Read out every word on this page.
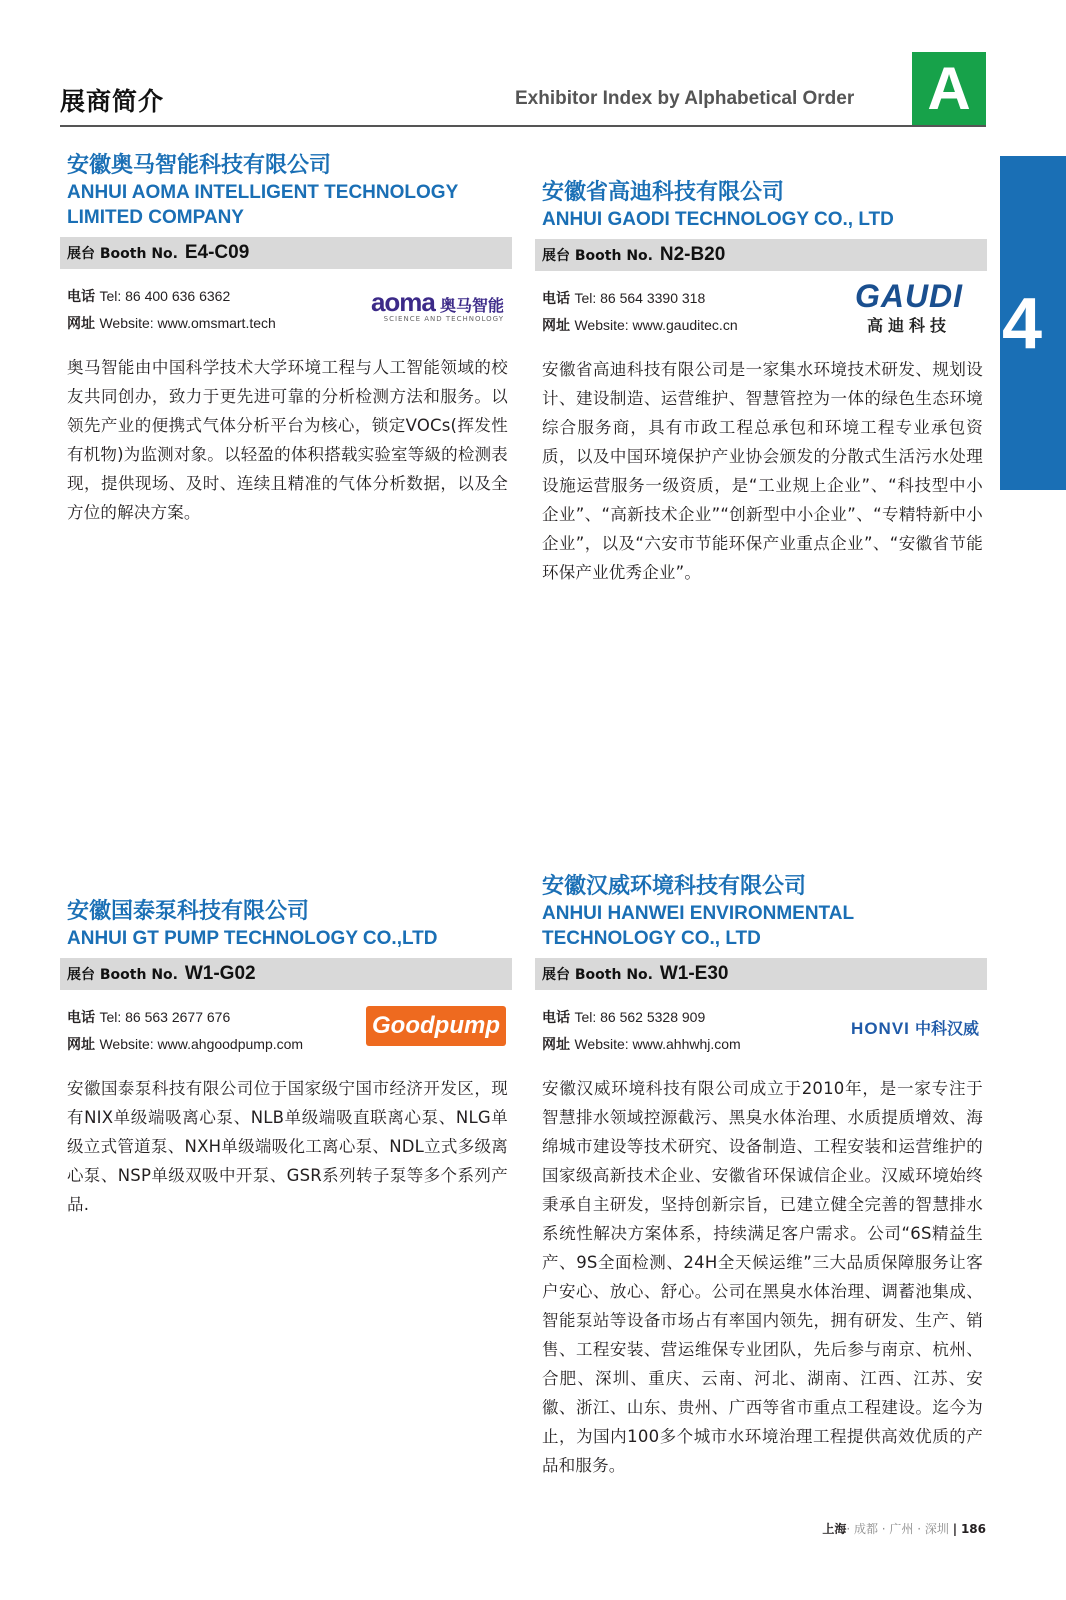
展商简介	Exhibitor Index by Alphabetical Order A
4
安徽奥马智能科技有限公司
ANHUI AOMA INTELLIGENT TECHNOLOGY
LIMITED COMPANY
展台 Booth No. E4-C09
电话 Tel: 86 400 636 6362
网址 Website: www.omsmart.tech
aoma 奥马智能
SCIENCE AND TECHNOLOGY
奥马智能由中国科学技术大学环境工程与人工智能领域的校友共同创办，致力于更先进可靠的分析检测方法和服务。以领先产业的便携式气体分析平台为核心，锁定VOCs(挥发性有机物)为监测对象。以轻盈的体积搭载实验室等級的检测表现，提供现场、及时、连续且精准的气体分析数据，以及全方位的解决方案。
安徽省高迪科技有限公司
ANHUI GAODI TECHNOLOGY CO., LTD
展台 Booth No. N2-B20
电话 Tel: 86 564 3390 318
网址 Website: www.gauditec.cn
GAUDI
高迪科技
安徽省高迪科技有限公司是一家集水环境技术研发、规划设计、建设制造、运营维护、智慧管控为一体的绿色生态环境综合服务商，具有市政工程总承包和环境工程专业承包资质，以及中国环境保护产业协会颁发的分散式生活污水处理设施运营服务一级资质，是“工业规上企业”、“科技型中小企业”、“高新技术企业”“创新型中小企业”、“专精特新中小企业”，以及“六安市节能环保产业重点企业”、“安徽省节能环保产业优秀企业”。
安徽国泰泵科技有限公司
ANHUI GT PUMP TECHNOLOGY CO.,LTD
展台 Booth No. W1-G02
电话 Tel: 86 563 2677 676
网址 Website: www.ahgoodpump.com
Goodpump
安徽国泰泵科技有限公司位于国家级宁国市经济开发区，现有NIX单级端吸离心泵、NLB单级端吸直联离心泵、NLG单级立式管道泵、NXH单级端吸化工离心泵、NDL立式多级离心泵、NSP单级双吸中开泵、GSR系列转子泵等多个系列产品.
安徽汉威环境科技有限公司
ANHUI HANWEI ENVIRONMENTAL
TECHNOLOGY CO., LTD
展台 Booth No. W1-E30
电话 Tel: 86 562 5328 909
网址 Website: www.ahhwhj.com
HONVI 中科汉威
安徽汉威环境科技有限公司成立于2010年，是一家专注于智慧排水领域控源截污、黑臭水体治理、水质提质增效、海绵城市建设等技术研究、设备制造、工程安装和运营维护的国家级高新技术企业、安徽省环保诚信企业。汉威环境始终秉承自主研发，坚持创新宗旨，已建立健全完善的智慧排水系统性解决方案体系，持续满足客户需求。公司“6S精益生产、9S全面检测、24H全天候运维”三大品质保障服务让客户安心、放心、舒心。公司在黑臭水体治理、调蓄池集成、智能泵站等设备市场占有率国内领先，拥有研发、生产、销售、工程安装、营运维保专业团队，先后参与南京、杭州、合肥、深圳、重庆、云南、河北、湖南、江西、江苏、安徽、浙江、山东、贵州、广西等省市重点工程建设。迄今为止，为国内100多个城市水环境治理工程提供高效优质的产品和服务。
上海· 成都 · 广州 · 深圳 | 186
